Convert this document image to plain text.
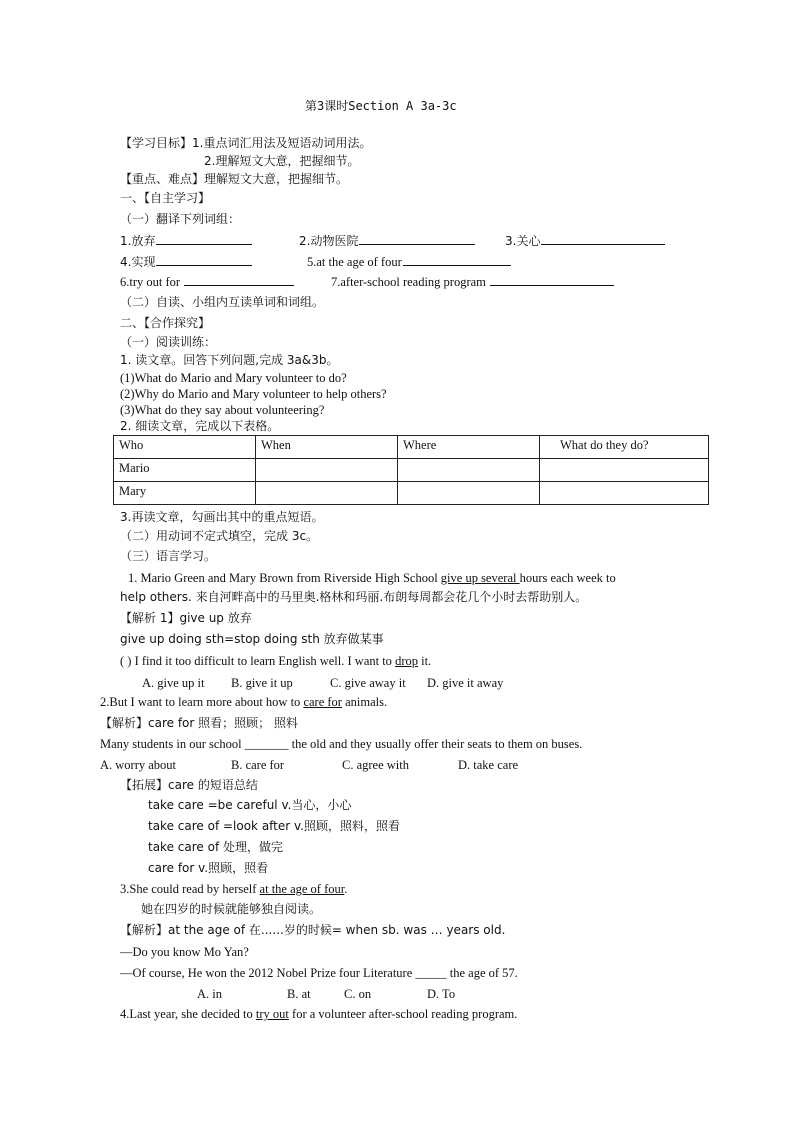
第3课时Section A 3a-3c
【学习目标】1.重点词汇用法及短语动词用法。
2.理解短文大意，把握细节。
【重点、难点】理解短文大意，把握细节。
一、【自主学习】
（一）翻译下列词组：
1.放弃	2.动物医院	3.关心
4.实现	5.at the age of four
6.try out for	7.after-school reading program
（二）自读、小组内互读单词和词组。
二、【合作探究】
（一）阅读训练：
1. 读文章。回答下列问题,完成 3a&3b。
(1)What do Mario and Mary volunteer to do?
(2)Why do Mario and Mary volunteer to help others?
(3)What do they say about volunteering?
2. 细读文章，完成以下表格。
Who	When	Where	What do they do?
Mario			
Mary			
3.再读文章，勾画出其中的重点短语。
（二）用动词不定式填空，完成 3c。
（三）语言学习。
1. Mario Green and Mary Brown from Riverside High School give up several hours each week to
help others. 来自河畔高中的马里奥.格林和玛丽.布朗每周都会花几个小时去帮助别人。
【解析 1】give up 放弃
give up doing sth=stop doing sth 放弃做某事
( ) I find it too difficult to learn English well. I want to drop it.
A. give up it B. give it up	C. give away it D. give it away
2.But I want to learn more about how to care for animals.
【解析】care for 照看；照顾； 照料
Many students in our school _______ the old and they usually offer their seats to them on buses.
A. worry about	B. care for	C. agree with	D. take care
【拓展】care 的短语总结
take care =be careful v.当心，小心
take care of =look after v.照顾，照料，照看
take care of 处理，做完
care for v.照顾，照看
3.She could read by herself at the age of four.
她在四岁的时候就能够独自阅读。
【解析】at the age of 在......岁的时候= when sb. was … years old.
—Do you know Mo Yan?
—Of course, He won the 2012 Nobel Prize four Literature _____ the age of 57.
A. in	B. at	C. on	D. To
4.Last year, she decided to try out for a volunteer after-school reading program.
